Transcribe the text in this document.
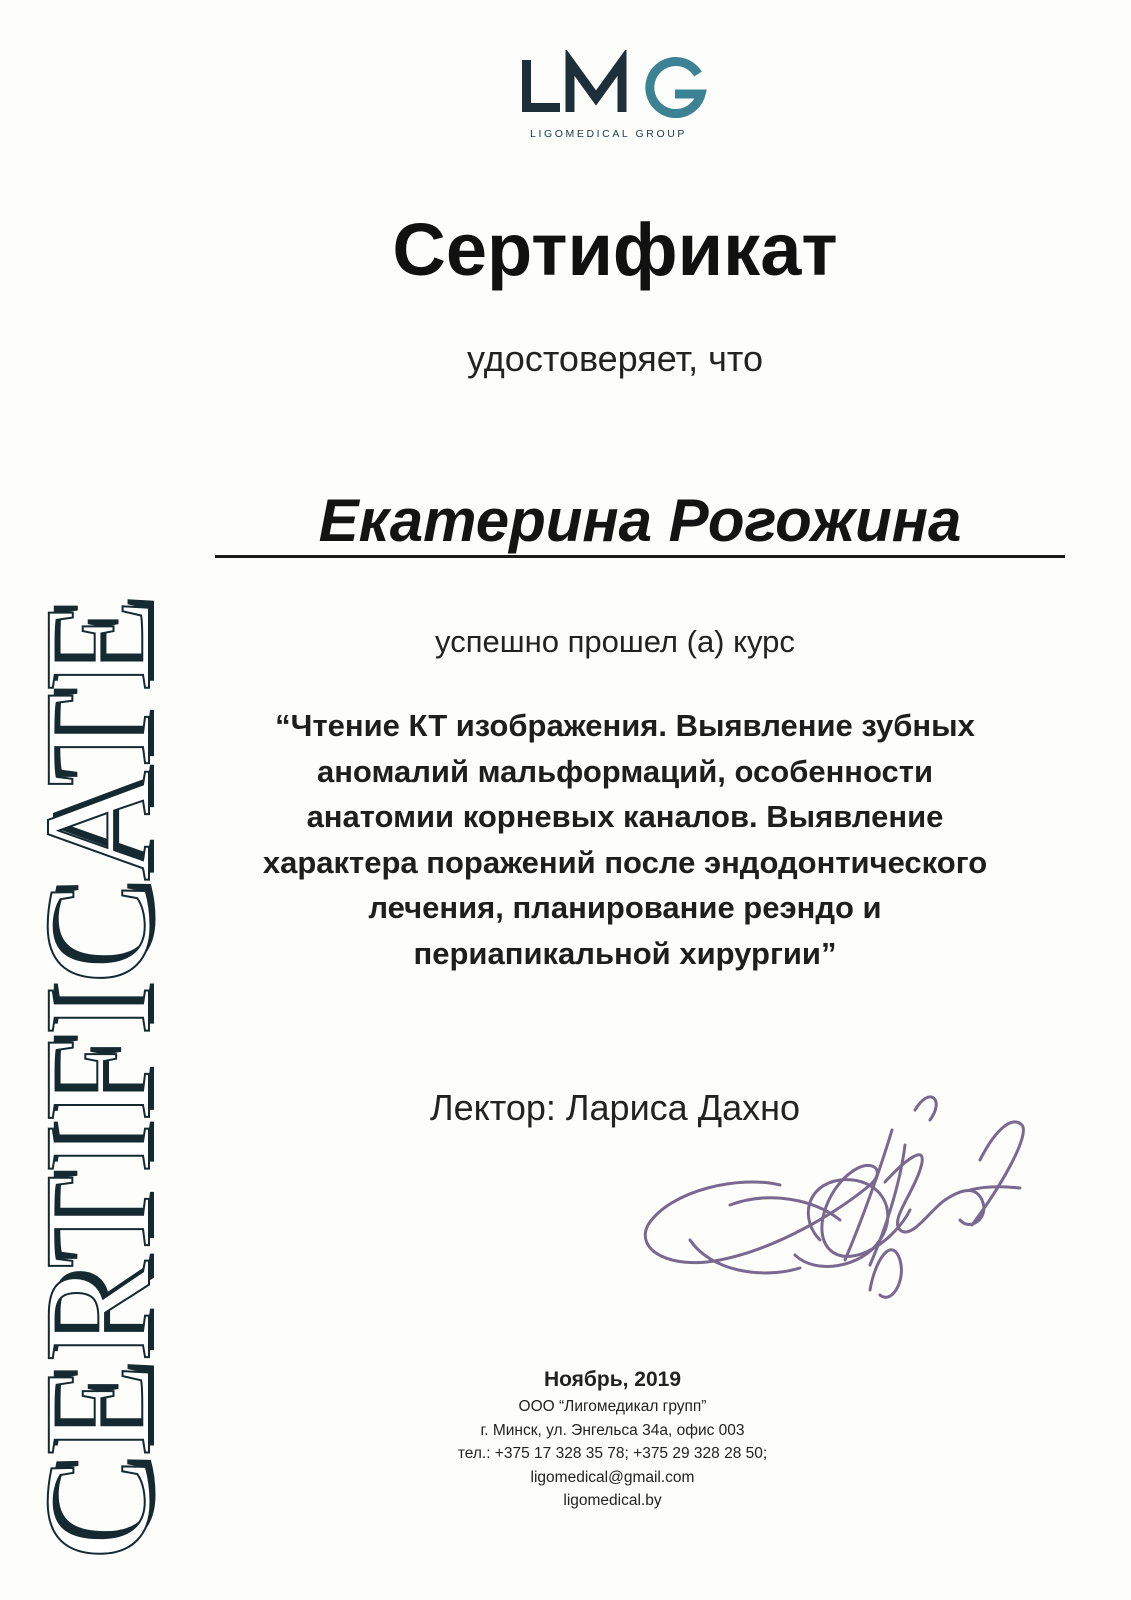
CERTIFICATE
LIGOMEDICAL GROUP
Сертификат
удостоверяет, что
Екатерина Рогожина
успешно прошел (а) курс
“Чтение КТ изображения. Выявление зубных
аномалий мальформаций, особенности
анатомии корневых каналов. Выявление
характера поражений после эндодонтического
лечения, планирование реэндо и
периапикальной хирургии”
Лектор: Лариса Дахно
Ноябрь, 2019
ООО “Лигомедикал групп”
г. Минск, ул. Энгельса 34а, офис 003
тел.: +375 17 328 35 78; +375 29 328 28 50;
ligomedical@gmail.com
ligomedical.by
